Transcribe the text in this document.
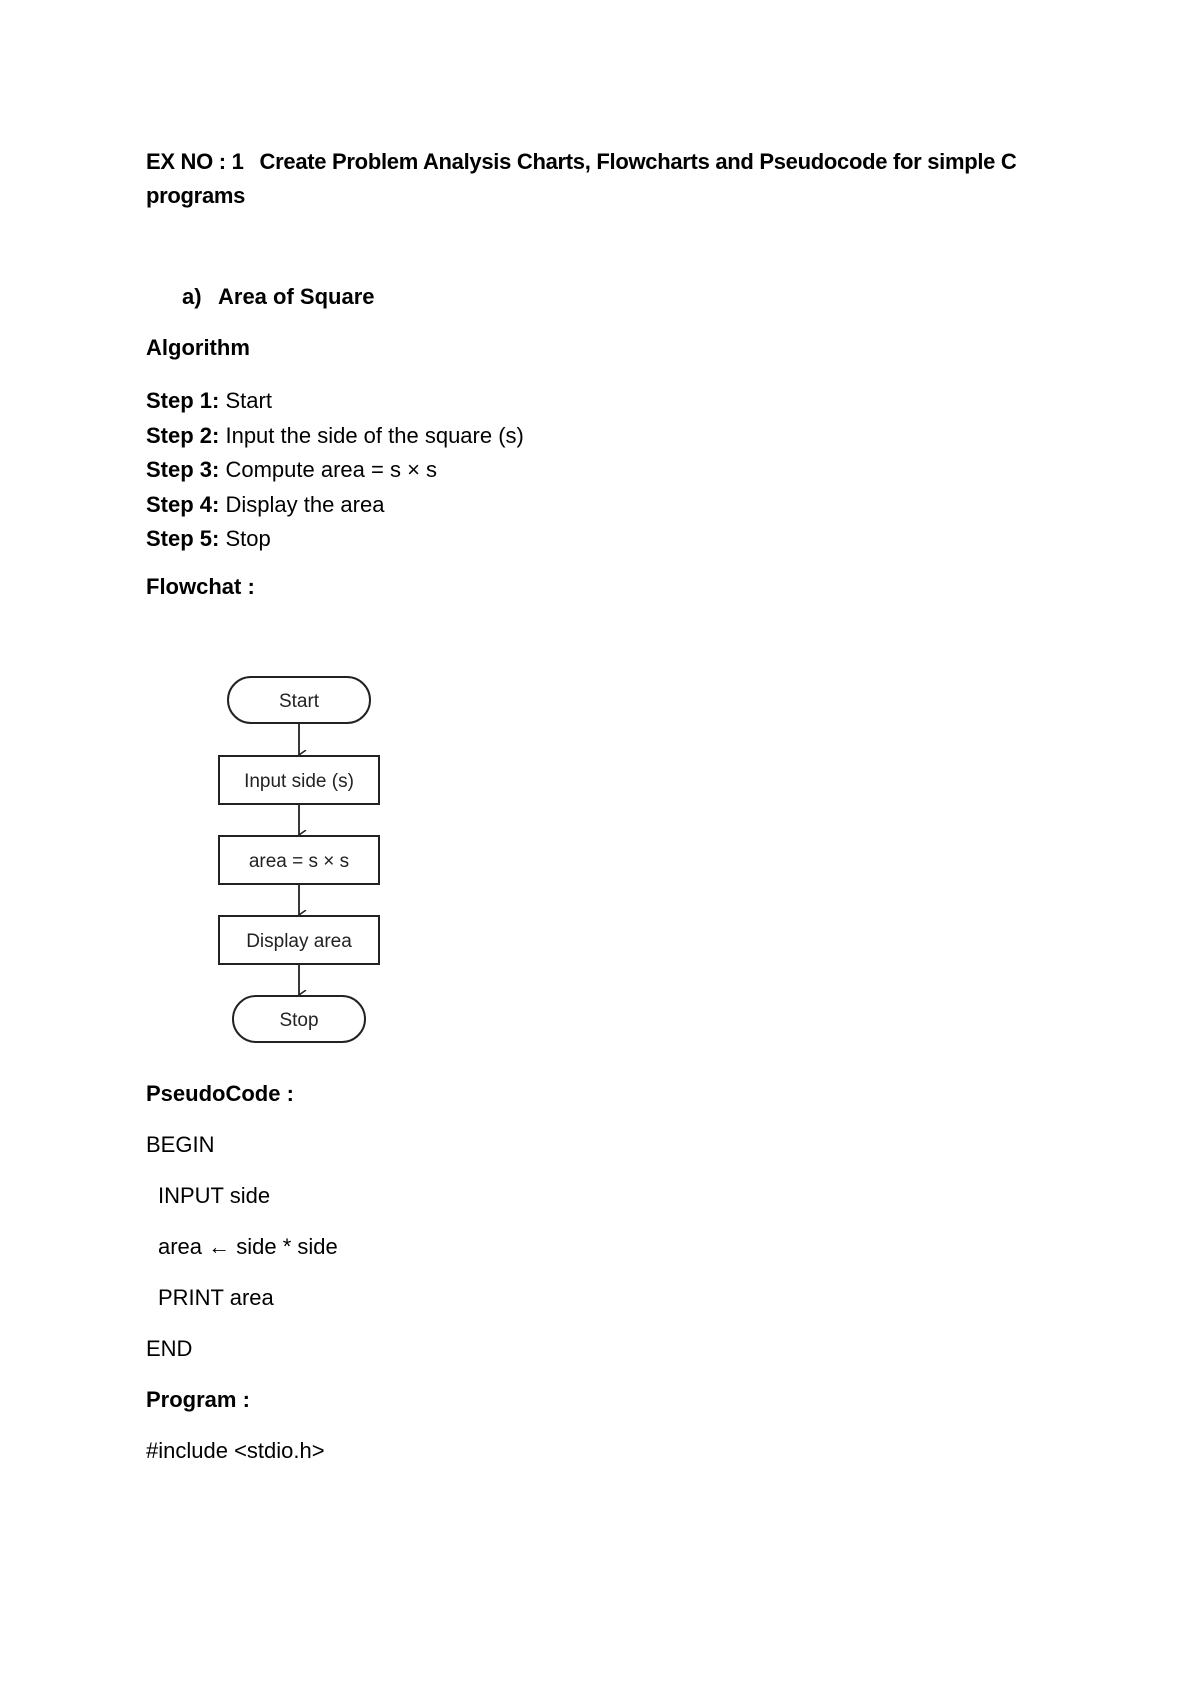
EX NO : 1 Create Problem Analysis Charts, Flowcharts and Pseudocode for simple C programs
a) Area of Square
Algorithm
Step 1: Start
Step 2: Input the side of the square (s)
Step 3: Compute area = s × s
Step 4: Display the area
Step 5: Stop
Flowchat :
Start
Input side (s)
area = s × s
Display area
Stop
PseudoCode :
BEGIN
INPUT side
area ← side * side
PRINT area
END
Program :
#include <stdio.h>
